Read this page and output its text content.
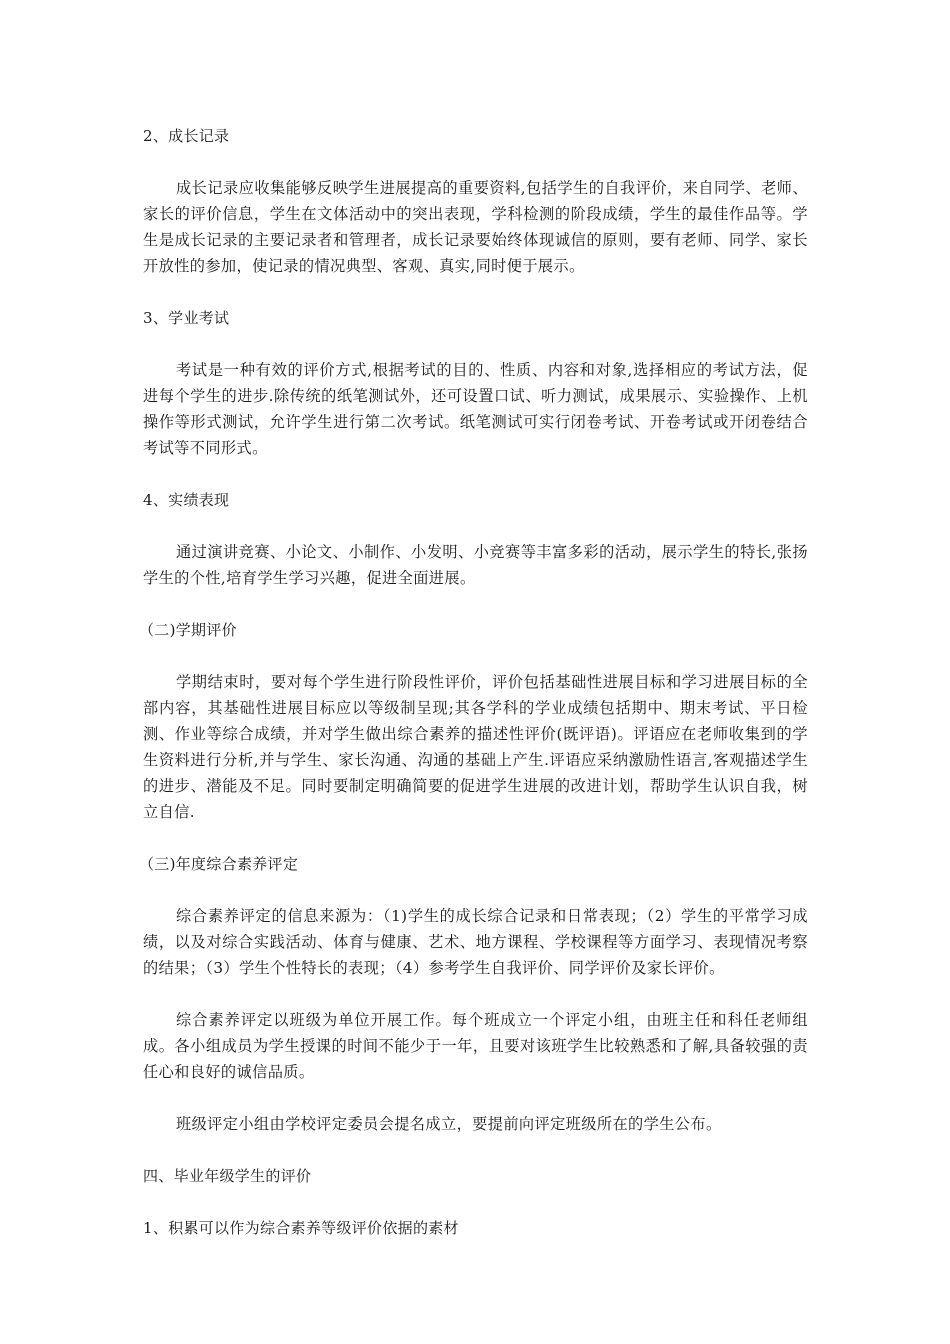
2、成长记录

成长记录应收集能够反映学生进展提高的重要资料,包括学生的自我评价，来自同学、老师、家长的评价信息，学生在文体活动中的突出表现，学科检测的阶段成绩，学生的最佳作品等。学生是成长记录的主要记录者和管理者，成长记录要始终体现诚信的原则，要有老师、同学、家长开放性的参加，使记录的情况典型、客观、真实,同时便于展示。

3、学业考试

考试是一种有效的评价方式,根据考试的目的、性质、内容和对象,选择相应的考试方法，促进每个学生的进步.除传统的纸笔测试外，还可设置口试、听力测试，成果展示、实验操作、上机操作等形式测试，允许学生进行第二次考试。纸笔测试可实行闭卷考试、开卷考试或开闭卷结合考试等不同形式。

4、实绩表现

通过演讲竞赛、小论文、小制作、小发明、小竞赛等丰富多彩的活动，展示学生的特长,张扬学生的个性,培育学生学习兴趣，促进全面进展。

（二)学期评价

学期结束时，要对每个学生进行阶段性评价，评价包括基础性进展目标和学习进展目标的全部内容，其基础性进展目标应以等级制呈现;其各学科的学业成绩包括期中、期末考试、平日检测、作业等综合成绩，并对学生做出综合素养的描述性评价(既评语)。评语应在老师收集到的学生资料进行分析,并与学生、家长沟通、沟通的基础上产生.评语应采纳激励性语言,客观描述学生的进步、潜能及不足。同时要制定明确简要的促进学生进展的改进计划，帮助学生认识自我，树立自信.

（三)年度综合素养评定

综合素养评定的信息来源为：（1)学生的成长综合记录和日常表现；（2）学生的平常学习成绩，以及对综合实践活动、体育与健康、艺术、地方课程、学校课程等方面学习、表现情况考察的结果；（3）学生个性特长的表现；（4）参考学生自我评价、同学评价及家长评价。

综合素养评定以班级为单位开展工作。每个班成立一个评定小组，由班主任和科任老师组成。各小组成员为学生授课的时间不能少于一年，且要对该班学生比较熟悉和了解,具备较强的责任心和良好的诚信品质。

班级评定小组由学校评定委员会提名成立，要提前向评定班级所在的学生公布。

四、毕业年级学生的评价
1、积累可以作为综合素养等级评价依据的素材
